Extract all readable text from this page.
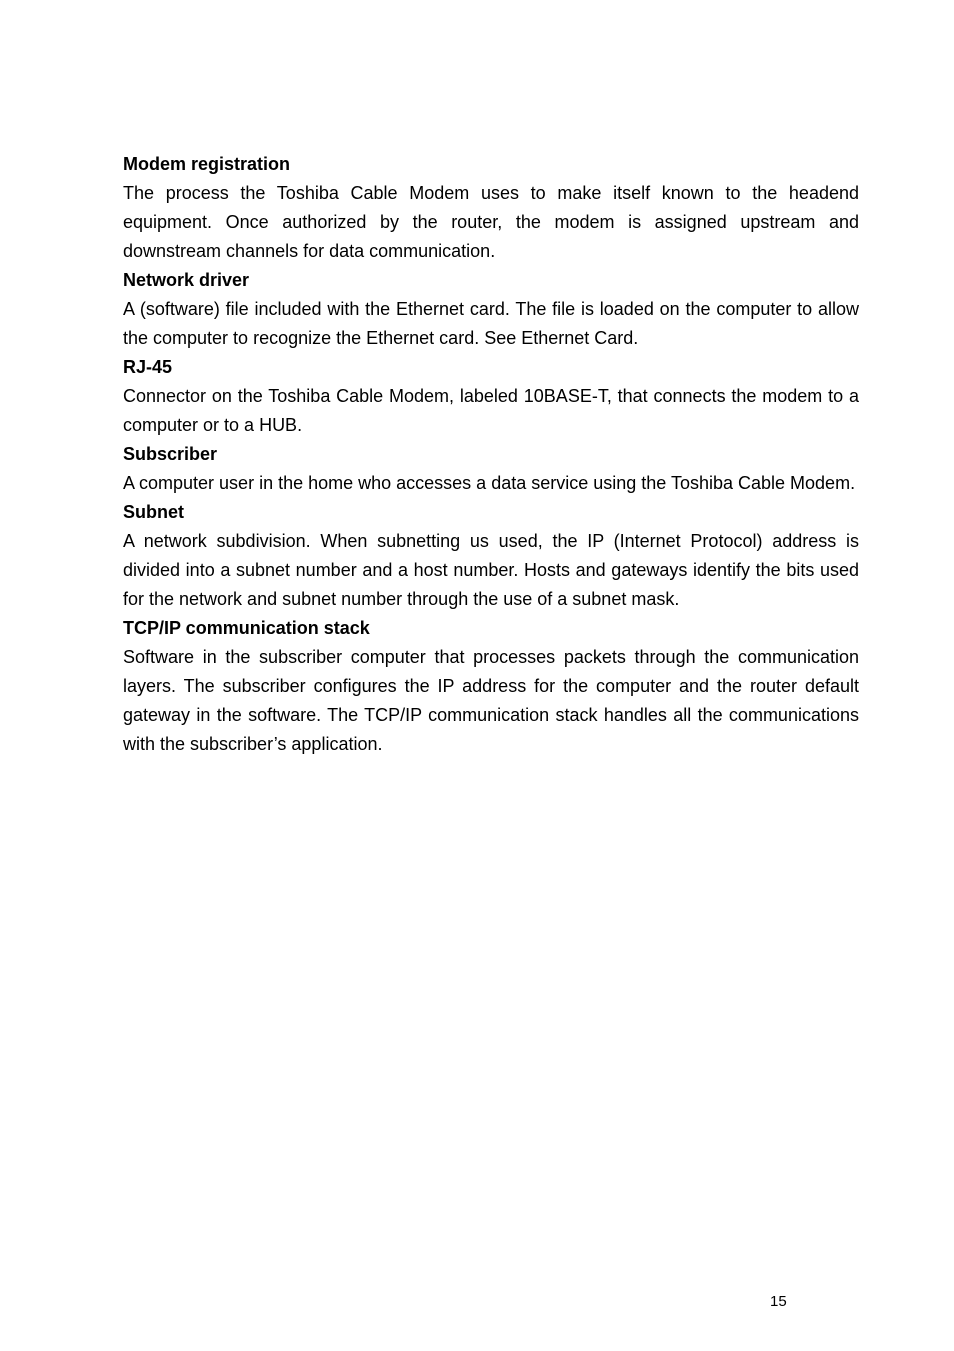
Modem registration

The process the Toshiba Cable Modem uses to make itself known to the headend equipment. Once authorized by the router, the modem is assigned upstream and downstream channels for data communication.

Network driver

A (software) file included with the Ethernet card. The file is loaded on the computer to allow the computer to recognize the Ethernet card. See Ethernet Card.

RJ-45

Connector on the Toshiba Cable Modem, labeled 10BASE-T, that connects the modem to a computer or to a HUB.

Subscriber

A computer user in the home who accesses a data service using the Toshiba Cable Modem.

Subnet

A network subdivision. When subnetting us used, the IP (Internet Protocol) address is divided into a subnet number and a host number. Hosts and gateways identify the bits used for the network and subnet number through the use of a subnet mask.

TCP/IP communication stack

Software in the subscriber computer that processes packets through the communication layers. The subscriber configures the IP address for the computer and the router default gateway in the software. The TCP/IP communication stack handles all the communications with the subscriber’s application.

15
